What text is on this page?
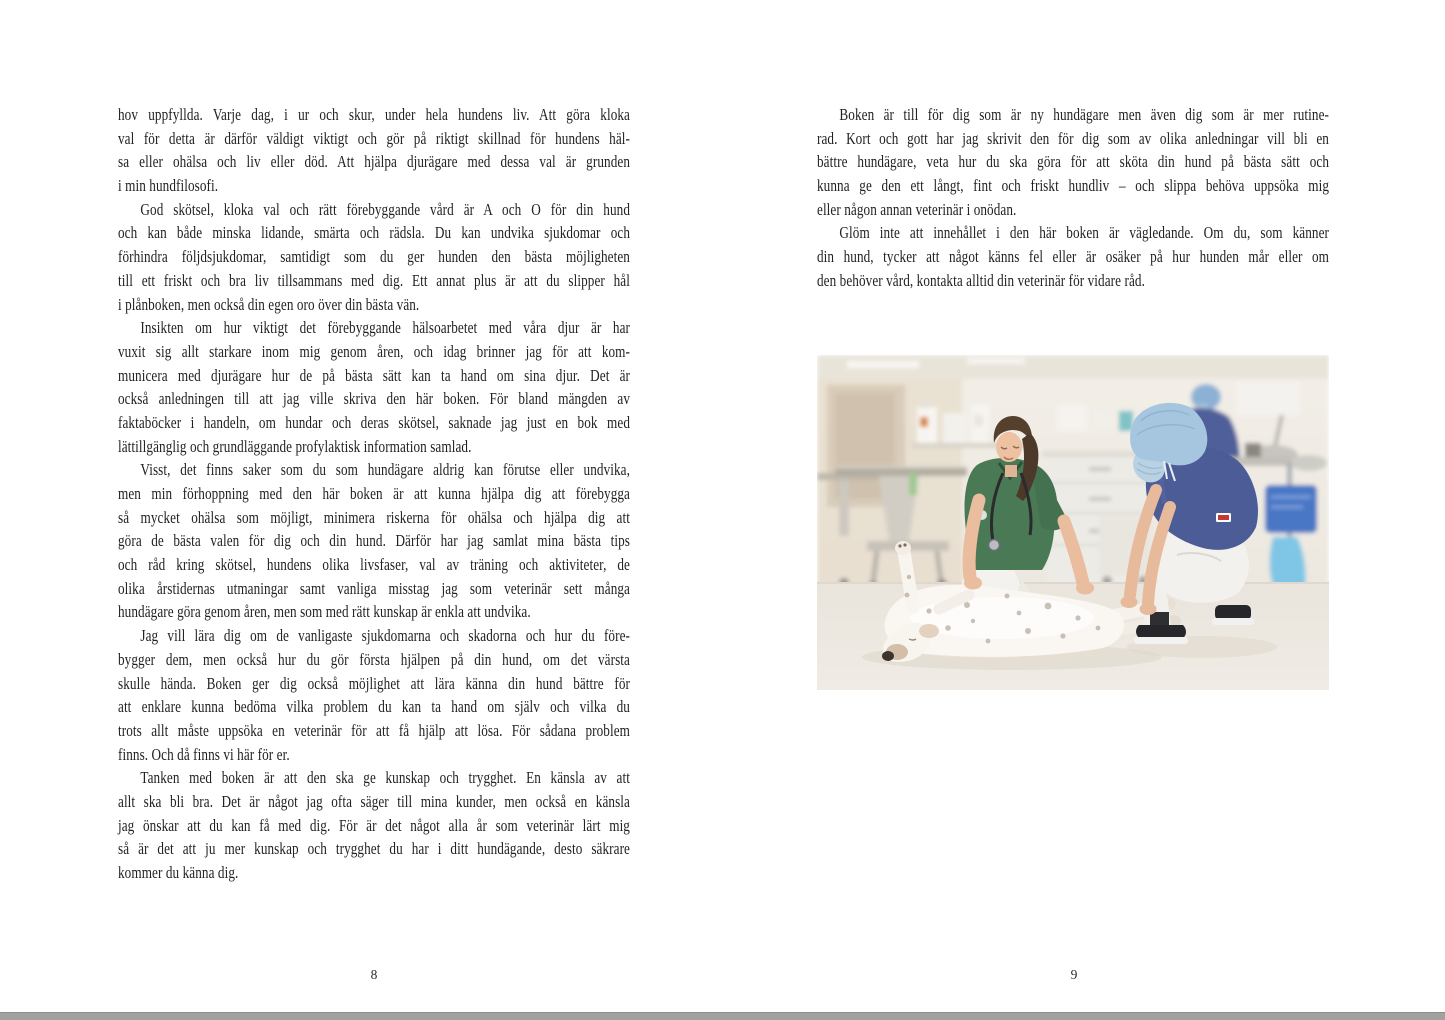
hov uppfyllda. Varje dag, i ur och skur, under hela hundens liv. Att göra kloka
val för detta är därför väldigt viktigt och gör på riktigt skillnad för hundens häl-
sa eller ohälsa och liv eller död. Att hjälpa djurägare med dessa val är grunden
i min hundfilosofi.
God skötsel, kloka val och rätt förebyggande vård är A och O för din hund
och kan både minska lidande, smärta och rädsla. Du kan undvika sjukdomar och
förhindra följdsjukdomar, samtidigt som du ger hunden den bästa möjligheten
till ett friskt och bra liv tillsammans med dig. Ett annat plus är att du slipper hål
i plånboken, men också din egen oro över din bästa vän.
Insikten om hur viktigt det förebyggande hälsoarbetet med våra djur är har
vuxit sig allt starkare inom mig genom åren, och idag brinner jag för att kom-
municera med djurägare hur de på bästa sätt kan ta hand om sina djur. Det är
också anledningen till att jag ville skriva den här boken. För bland mängden av
faktaböcker i handeln, om hundar och deras skötsel, saknade jag just en bok med
lättillgänglig och grundläggande profylaktisk information samlad.
Visst, det finns saker som du som hundägare aldrig kan förutse eller undvika,
men min förhoppning med den här boken är att kunna hjälpa dig att förebygga
så mycket ohälsa som möjligt, minimera riskerna för ohälsa och hjälpa dig att
göra de bästa valen för dig och din hund. Därför har jag samlat mina bästa tips
och råd kring skötsel, hundens olika livsfaser, val av träning och aktiviteter, de
olika årstidernas utmaningar samt vanliga misstag jag som veterinär sett många
hundägare göra genom åren, men som med rätt kunskap är enkla att undvika.
Jag vill lära dig om de vanligaste sjukdomarna och skadorna och hur du före-
bygger dem, men också hur du gör första hjälpen på din hund, om det värsta
skulle hända. Boken ger dig också möjlighet att lära känna din hund bättre för
att enklare kunna bedöma vilka problem du kan ta hand om själv och vilka du
trots allt måste uppsöka en veterinär för att få hjälp att lösa. För sådana problem
finns. Och då finns vi här för er.
Tanken med boken är att den ska ge kunskap och trygghet. En känsla av att
allt ska bli bra. Det är något jag ofta säger till mina kunder, men också en känsla
jag önskar att du kan få med dig. För är det något alla år som veterinär lärt mig
så är det att ju mer kunskap och trygghet du har i ditt hundägande, desto säkrare
kommer du känna dig.
8
Boken är till för dig som är ny hundägare men även dig som är mer rutine-
rad. Kort och gott har jag skrivit den för dig som av olika anledningar vill bli en
bättre hundägare, veta hur du ska göra för att sköta din hund på bästa sätt och
kunna ge den ett långt, fint och friskt hundliv – och slippa behöva uppsöka mig
eller någon annan veterinär i onödan.
Glöm inte att innehållet i den här boken är vägledande. Om du, som känner
din hund, tycker att något känns fel eller är osäker på hur hunden mår eller om
den behöver vård, kontakta alltid din veterinär för vidare råd.
9
